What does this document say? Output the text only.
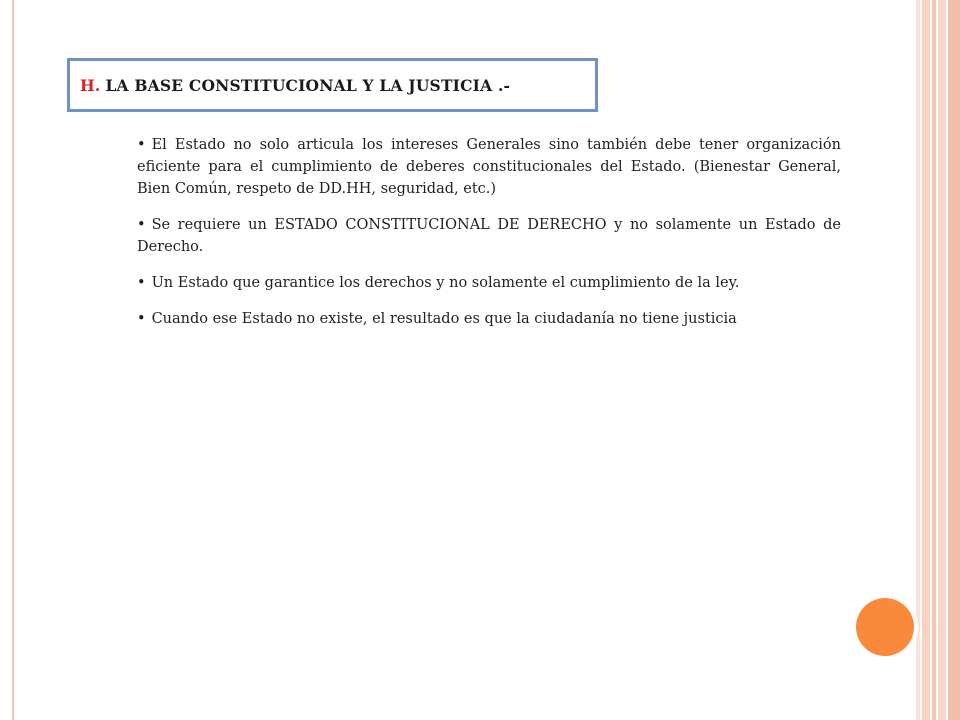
H. LA BASE CONSTITUCIONAL Y LA JUSTICIA .-

• El Estado no solo articula los intereses Generales sino también debe tener organización eficiente para el cumplimiento de deberes constitucionales del Estado. (Bienestar General, Bien Común, respeto de DD.HH, seguridad, etc.)

• Se requiere un ESTADO CONSTITUCIONAL DE DERECHO y no solamente un Estado de Derecho.

• Un Estado que garantice los derechos y no solamente el cumplimiento de la ley.

• Cuando ese Estado no existe, el resultado es que la ciudadanía no tiene justicia
